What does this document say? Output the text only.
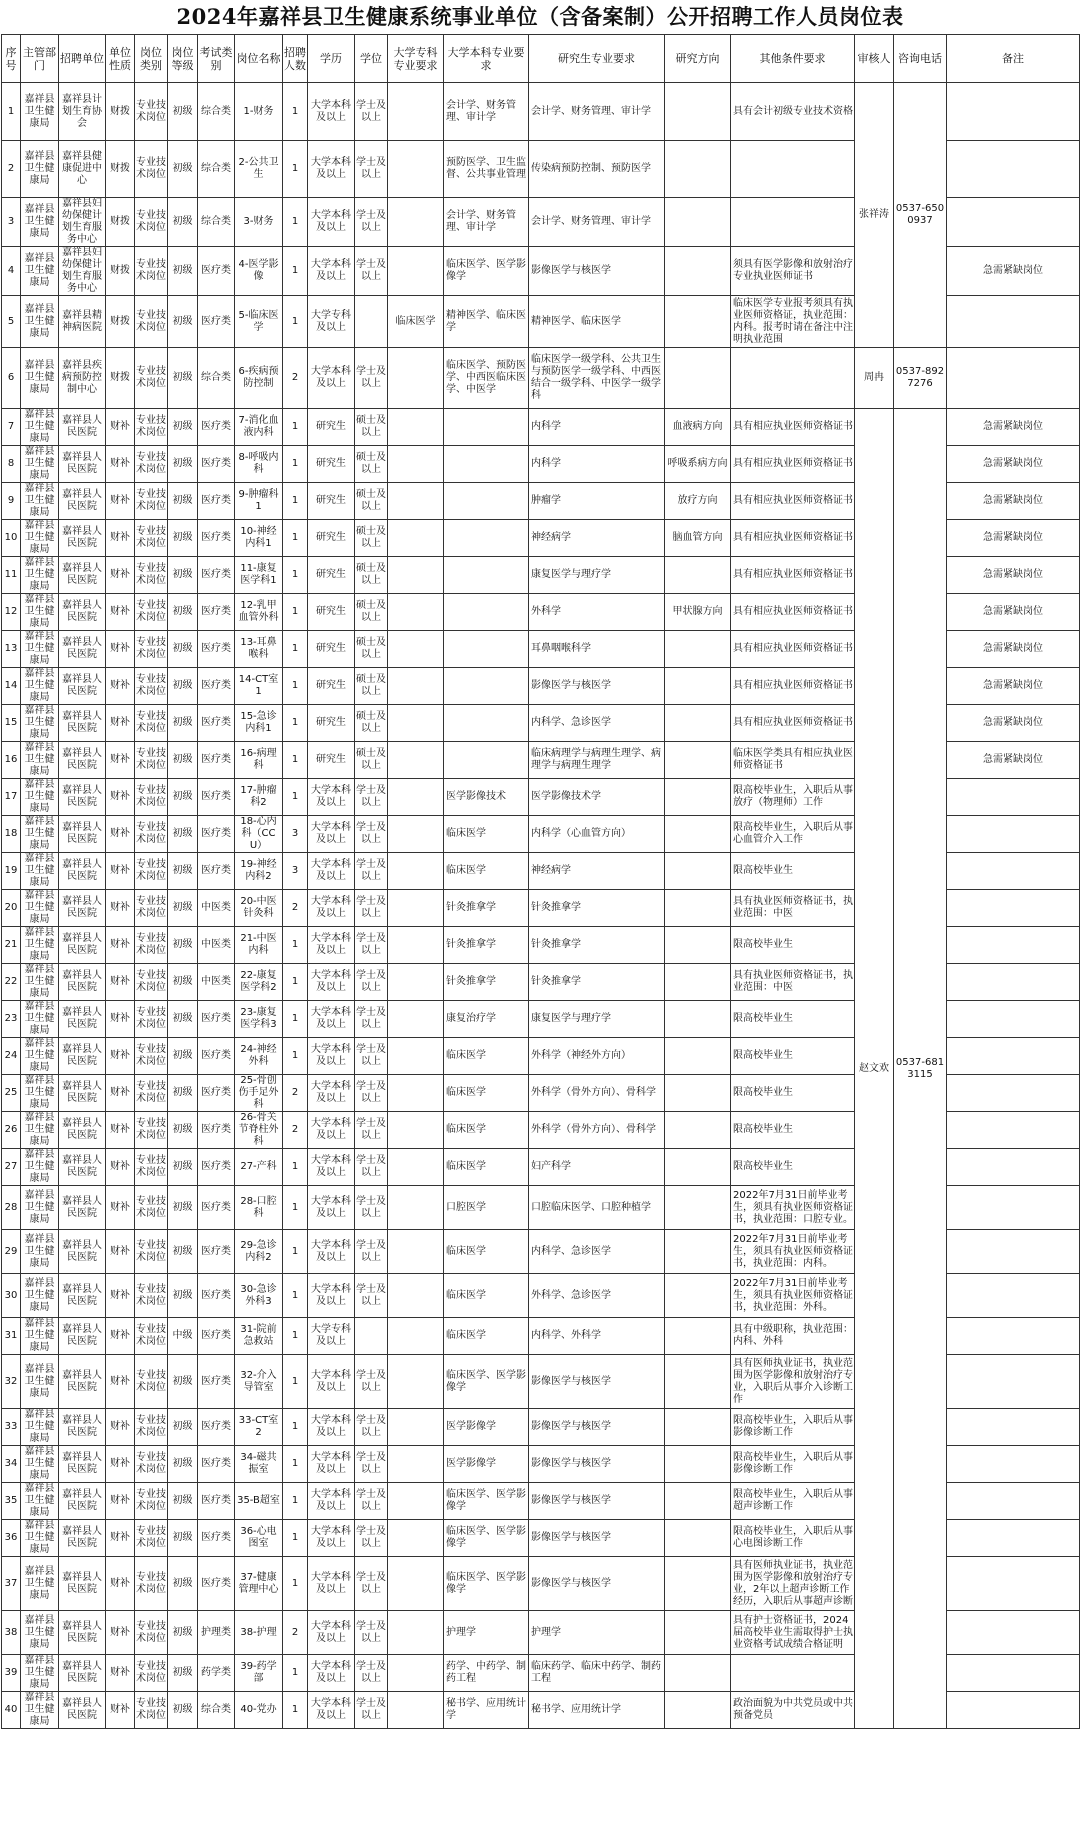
2024年嘉祥县卫生健康系统事业单位（含备案制）公开招聘工作人员岗位表
序号	主管部门	招聘单位	单位性质	岗位类别	岗位等级	考试类别	岗位名称	招聘人数	学历	学位	大学专科专业要求	大学本科专业要求	研究生专业要求	研究方向	其他条件要求	审核人	咨询电话	备注
1	嘉祥县卫生健康局	嘉祥县计划生育协会	财拨	专业技术岗位	初级	综合类	1-财务	1	大学本科及以上	学士及以上		会计学、财务管理、审计学	会计学、财务管理、审计学		具有会计初级专业技术资格	张祥涛	0537-6500937	
2	嘉祥县卫生健康局	嘉祥县健康促进中心	财拨	专业技术岗位	初级	综合类	2-公共卫生	1	大学本科及以上	学士及以上		预防医学、卫生监督、公共事业管理	传染病预防控制、预防医学					
3	嘉祥县卫生健康局	嘉祥县妇幼保健计划生育服务中心	财拨	专业技术岗位	初级	综合类	3-财务	1	大学本科及以上	学士及以上		会计学、财务管理、审计学	会计学、财务管理、审计学					
4	嘉祥县卫生健康局	嘉祥县妇幼保健计划生育服务中心	财拨	专业技术岗位	初级	医疗类	4-医学影像	1	大学本科及以上	学士及以上		临床医学、医学影像学	影像医学与核医学		须具有医学影像和放射治疗专业执业医师证书			急需紧缺岗位
5	嘉祥县卫生健康局	嘉祥县精神病医院	财拨	专业技术岗位	初级	医疗类	5-临床医学	1	大学专科及以上		临床医学	精神医学、临床医学	精神医学、临床医学		临床医学专业报考须具有执业医师资格证，执业范围：内科。报考时请在备注中注明执业范围			
6	嘉祥县卫生健康局	嘉祥县疾病预防控制中心	财拨	专业技术岗位	初级	综合类	6-疾病预防控制	2	大学本科及以上	学士及以上		临床医学、预防医学、中西医临床医学、中医学	临床医学一级学科、公共卫生与预防医学一级学科、中西医结合一级学科、中医学一级学科			周冉	0537-8927276	
7	嘉祥县卫生健康局	嘉祥县人民医院	财补	专业技术岗位	初级	医疗类	7-消化血液内科	1	研究生	硕士及以上			内科学	血液病方向	具有相应执业医师资格证书	赵文欢	0537-6813115	急需紧缺岗位
8	嘉祥县卫生健康局	嘉祥县人民医院	财补	专业技术岗位	初级	医疗类	8-呼吸内科	1	研究生	硕士及以上			内科学	呼吸系病方向	具有相应执业医师资格证书			急需紧缺岗位
9	嘉祥县卫生健康局	嘉祥县人民医院	财补	专业技术岗位	初级	医疗类	9-肿瘤科1	1	研究生	硕士及以上			肿瘤学	放疗方向	具有相应执业医师资格证书			急需紧缺岗位
10	嘉祥县卫生健康局	嘉祥县人民医院	财补	专业技术岗位	初级	医疗类	10-神经内科1	1	研究生	硕士及以上			神经病学	脑血管方向	具有相应执业医师资格证书			急需紧缺岗位
11	嘉祥县卫生健康局	嘉祥县人民医院	财补	专业技术岗位	初级	医疗类	11-康复医学科1	1	研究生	硕士及以上			康复医学与理疗学		具有相应执业医师资格证书			急需紧缺岗位
12	嘉祥县卫生健康局	嘉祥县人民医院	财补	专业技术岗位	初级	医疗类	12-乳甲血管外科	1	研究生	硕士及以上			外科学	甲状腺方向	具有相应执业医师资格证书			急需紧缺岗位
13	嘉祥县卫生健康局	嘉祥县人民医院	财补	专业技术岗位	初级	医疗类	13-耳鼻喉科	1	研究生	硕士及以上			耳鼻咽喉科学		具有相应执业医师资格证书			急需紧缺岗位
14	嘉祥县卫生健康局	嘉祥县人民医院	财补	专业技术岗位	初级	医疗类	14-CT室1	1	研究生	硕士及以上			影像医学与核医学		具有相应执业医师资格证书			急需紧缺岗位
15	嘉祥县卫生健康局	嘉祥县人民医院	财补	专业技术岗位	初级	医疗类	15-急诊内科1	1	研究生	硕士及以上			内科学、急诊医学		具有相应执业医师资格证书			急需紧缺岗位
16	嘉祥县卫生健康局	嘉祥县人民医院	财补	专业技术岗位	初级	医疗类	16-病理科	1	研究生	硕士及以上			临床病理学与病理生理学、病理学与病理生理学		临床医学类具有相应执业医师资格证书			急需紧缺岗位
17	嘉祥县卫生健康局	嘉祥县人民医院	财补	专业技术岗位	初级	医疗类	17-肿瘤科2	1	大学本科及以上	学士及以上		医学影像技术	医学影像技术学		限高校毕业生，入职后从事放疗（物理师）工作			
18	嘉祥县卫生健康局	嘉祥县人民医院	财补	专业技术岗位	初级	医疗类	18-心内科（CCU）	3	大学本科及以上	学士及以上		临床医学	内科学（心血管方向）		限高校毕业生，入职后从事心血管介入工作			
19	嘉祥县卫生健康局	嘉祥县人民医院	财补	专业技术岗位	初级	医疗类	19-神经内科2	3	大学本科及以上	学士及以上		临床医学	神经病学		限高校毕业生			
20	嘉祥县卫生健康局	嘉祥县人民医院	财补	专业技术岗位	初级	中医类	20-中医针灸科	2	大学本科及以上	学士及以上		针灸推拿学	针灸推拿学		具有执业医师资格证书，执业范围：中医			
21	嘉祥县卫生健康局	嘉祥县人民医院	财补	专业技术岗位	初级	中医类	21-中医内科	1	大学本科及以上	学士及以上		针灸推拿学	针灸推拿学		限高校毕业生			
22	嘉祥县卫生健康局	嘉祥县人民医院	财补	专业技术岗位	初级	中医类	22-康复医学科2	1	大学本科及以上	学士及以上		针灸推拿学	针灸推拿学		具有执业医师资格证书，执业范围：中医			
23	嘉祥县卫生健康局	嘉祥县人民医院	财补	专业技术岗位	初级	医疗类	23-康复医学科3	1	大学本科及以上	学士及以上		康复治疗学	康复医学与理疗学		限高校毕业生			
24	嘉祥县卫生健康局	嘉祥县人民医院	财补	专业技术岗位	初级	医疗类	24-神经外科	1	大学本科及以上	学士及以上		临床医学	外科学（神经外方向）		限高校毕业生			
25	嘉祥县卫生健康局	嘉祥县人民医院	财补	专业技术岗位	初级	医疗类	25-骨创伤手足外科	2	大学本科及以上	学士及以上		临床医学	外科学（骨外方向）、骨科学		限高校毕业生			
26	嘉祥县卫生健康局	嘉祥县人民医院	财补	专业技术岗位	初级	医疗类	26-骨关节脊柱外科	2	大学本科及以上	学士及以上		临床医学	外科学（骨外方向）、骨科学		限高校毕业生			
27	嘉祥县卫生健康局	嘉祥县人民医院	财补	专业技术岗位	初级	医疗类	27-产科	1	大学本科及以上	学士及以上		临床医学	妇产科学		限高校毕业生			
28	嘉祥县卫生健康局	嘉祥县人民医院	财补	专业技术岗位	初级	医疗类	28-口腔科	1	大学本科及以上	学士及以上		口腔医学	口腔临床医学、口腔种植学		2022年7月31日前毕业考生，须具有执业医师资格证书，执业范围：口腔专业。			
29	嘉祥县卫生健康局	嘉祥县人民医院	财补	专业技术岗位	初级	医疗类	29-急诊内科2	1	大学本科及以上	学士及以上		临床医学	内科学、急诊医学		2022年7月31日前毕业考生，须具有执业医师资格证书，执业范围：内科。			
30	嘉祥县卫生健康局	嘉祥县人民医院	财补	专业技术岗位	初级	医疗类	30-急诊外科3	1	大学本科及以上	学士及以上		临床医学	外科学、急诊医学		2022年7月31日前毕业考生，须具有执业医师资格证书，执业范围：外科。			
31	嘉祥县卫生健康局	嘉祥县人民医院	财补	专业技术岗位	中级	医疗类	31-院前急救站	1	大学专科及以上			临床医学	内科学、外科学		具有中级职称，执业范围：内科、外科			
32	嘉祥县卫生健康局	嘉祥县人民医院	财补	专业技术岗位	初级	医疗类	32-介入导管室	1	大学本科及以上	学士及以上		临床医学、医学影像学	影像医学与核医学		具有医师执业证书，执业范围为医学影像和放射治疗专业，入职后从事介入诊断工作			
33	嘉祥县卫生健康局	嘉祥县人民医院	财补	专业技术岗位	初级	医疗类	33-CT室2	1	大学本科及以上	学士及以上		医学影像学	影像医学与核医学		限高校毕业生，入职后从事影像诊断工作			
34	嘉祥县卫生健康局	嘉祥县人民医院	财补	专业技术岗位	初级	医疗类	34-磁共振室	1	大学本科及以上	学士及以上		医学影像学	影像医学与核医学		限高校毕业生，入职后从事影像诊断工作			
35	嘉祥县卫生健康局	嘉祥县人民医院	财补	专业技术岗位	初级	医疗类	35-B超室	1	大学本科及以上	学士及以上		临床医学、医学影像学	影像医学与核医学		限高校毕业生，入职后从事超声诊断工作			
36	嘉祥县卫生健康局	嘉祥县人民医院	财补	专业技术岗位	初级	医疗类	36-心电图室	1	大学本科及以上	学士及以上		临床医学、医学影像学	影像医学与核医学		限高校毕业生，入职后从事心电图诊断工作			
37	嘉祥县卫生健康局	嘉祥县人民医院	财补	专业技术岗位	初级	医疗类	37-健康管理中心	1	大学本科及以上	学士及以上		临床医学、医学影像学	影像医学与核医学		具有医师执业证书，执业范围为医学影像和放射治疗专业，2年以上超声诊断工作经历，入职后从事超声诊断			
38	嘉祥县卫生健康局	嘉祥县人民医院	财补	专业技术岗位	初级	护理类	38-护理	2	大学本科及以上	学士及以上		护理学	护理学		具有护士资格证书，2024届高校毕业生需取得护士执业资格考试成绩合格证明			
39	嘉祥县卫生健康局	嘉祥县人民医院	财补	专业技术岗位	初级	药学类	39-药学部	1	大学本科及以上	学士及以上		药学、中药学、制药工程	临床药学、临床中药学、制药工程					
40	嘉祥县卫生健康局	嘉祥县人民医院	财补	专业技术岗位	初级	综合类	40-党办	1	大学本科及以上	学士及以上		秘书学、应用统计学	秘书学、应用统计学		政治面貌为中共党员或中共预备党员			
